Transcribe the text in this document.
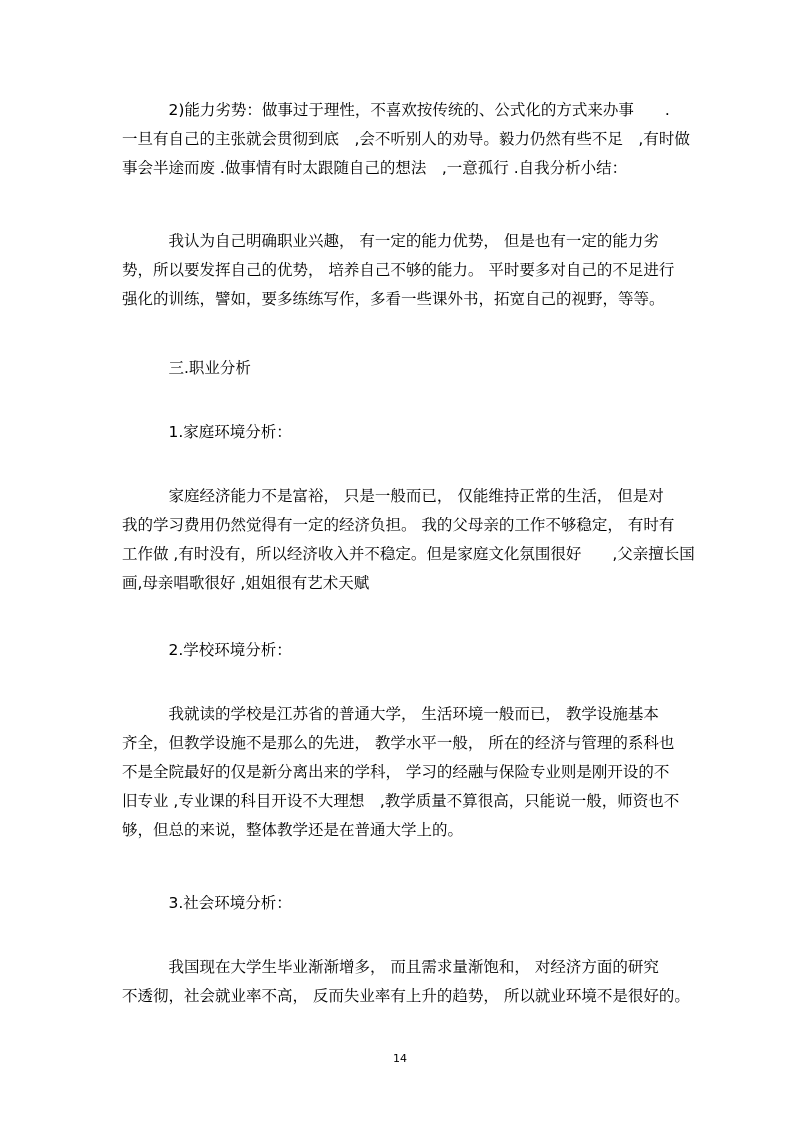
　　　2)能力劣势：做事过于理性，不喜欢按传统的、公式化的方式来办事　　.
一旦有自己的主张就会贯彻到底　,会不听别人的劝导。毅力仍然有些不足　,有时做
事会半途而废 .做事情有时太跟随自己的想法　,一意孤行 .自我分析小结：

　　　我认为自己明确职业兴趣， 有一定的能力优势， 但是也有一定的能力劣
势，所以要发挥自己的优势， 培养自己不够的能力。 平时要多对自己的不足进行
强化的训练，譬如，要多练练写作，多看一些课外书，拓宽自己的视野，等等。

　　　三.职业分析

　　　1.家庭环境分析：

　　　家庭经济能力不是富裕， 只是一般而已， 仅能维持正常的生活， 但是对
我的学习费用仍然觉得有一定的经济负担。 我的父母亲的工作不够稳定， 有时有
工作做 ,有时没有，所以经济收入并不稳定。但是家庭文化氛围很好　　,父亲擅长国
画,母亲唱歌很好 ,姐姐很有艺术天赋

　　　2.学校环境分析：

　　　我就读的学校是江苏省的普通大学， 生活环境一般而已， 教学设施基本
齐全，但教学设施不是那么的先进， 教学水平一般， 所在的经济与管理的系科也
不是全院最好的仅是新分离出来的学科， 学习的经融与保险专业则是刚开设的不
旧专业 ,专业课的科目开设不大理想　,教学质量不算很高，只能说一般，师资也不
够，但总的来说，整体教学还是在普通大学上的。

　　　3.社会环境分析：

　　　我国现在大学生毕业渐渐增多， 而且需求量渐饱和， 对经济方面的研究
不透彻，社会就业率不高， 反而失业率有上升的趋势， 所以就业环境不是很好的。

14
